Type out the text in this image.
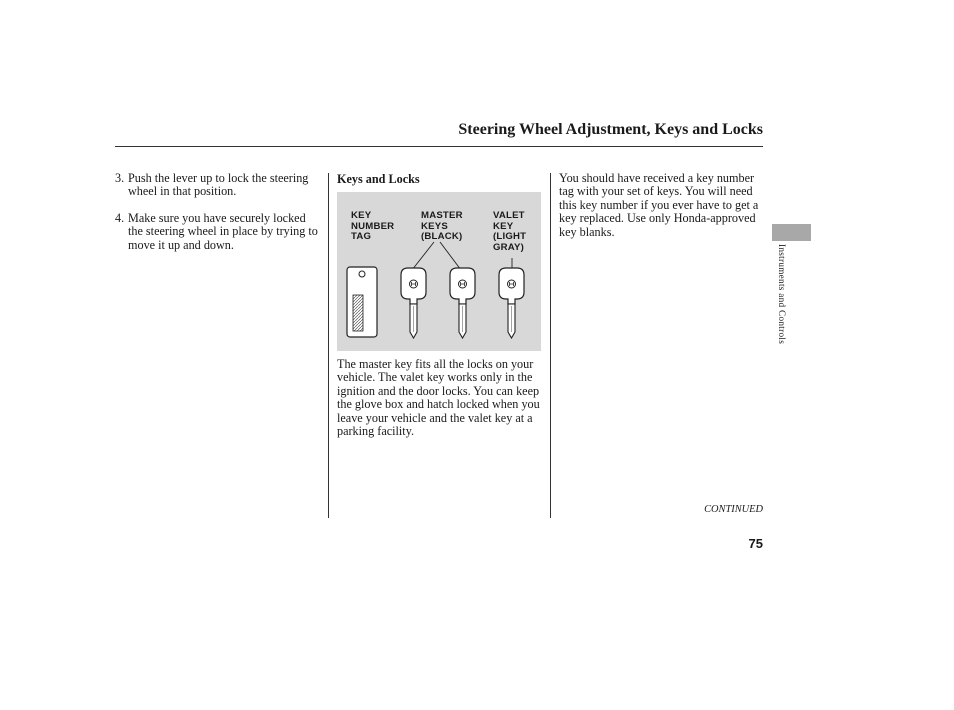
Steering Wheel Adjustment, Keys and Locks
3. Push the lever up to lock the steering wheel in that position.
4. Make sure you have securely locked the steering wheel in place by trying to move it up and down.
Keys and Locks
KEY
NUMBER
TAG
MASTER
KEYS
(BLACK)
VALET
KEY
(LIGHT
GRAY)
The master key fits all the locks on your vehicle. The valet key works only in the ignition and the door locks. You can keep the glove box and hatch locked when you leave your vehicle and the valet key at a parking facility.
You should have received a key number tag with your set of keys. You will need this key number if you ever have to get a key replaced. Use only Honda-approved key blanks.
Instruments and Controls
CONTINUED
75
